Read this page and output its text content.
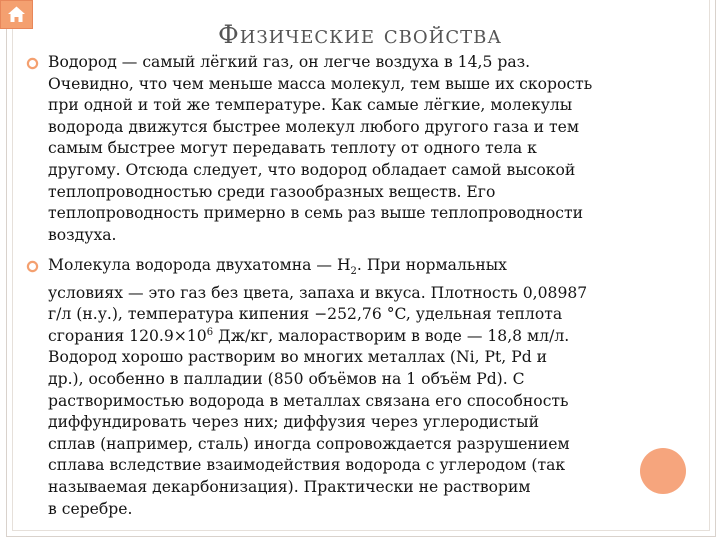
Физические свойства

Водород — самый лёгкий газ, он легче воздуха в 14,5 раз.
Очевидно, что чем меньше масса молекул, тем выше их скорость
при одной и той же температуре. Как самые лёгкие, молекулы
водорода движутся быстрее молекул любого другого газа и тем
самым быстрее могут передавать теплоту от одного тела к
другому. Отсюда следует, что водород обладает самой высокой
теплопроводностью среди газообразных веществ. Его
теплопроводность примерно в семь раз выше теплопроводности
воздуха.

Молекула водорода двухатомна — $H_2$. При нормальных
условиях — это газ без цвета, запаха и вкуса. Плотность 0,08987
г/л (н.у.), температура кипения −252,76 °C, удельная теплота
сгорания $120.9\times 10^6$ Дж/кг, малорастворим в воде — 18,8 мл/л.
Водород хорошо растворим во многих металлах (Ni, Pt, Pd и
др.), особенно в палладии (850 объёмов на 1 объём Pd). С
растворимостью водорода в металлах связана его способность
диффундировать через них; диффузия через углеродистый
сплав (например, сталь) иногда сопровождается разрушением
сплава вследствие взаимодействия водорода с углеродом (так
называемая декарбонизация). Практически не растворим
в серебре.
